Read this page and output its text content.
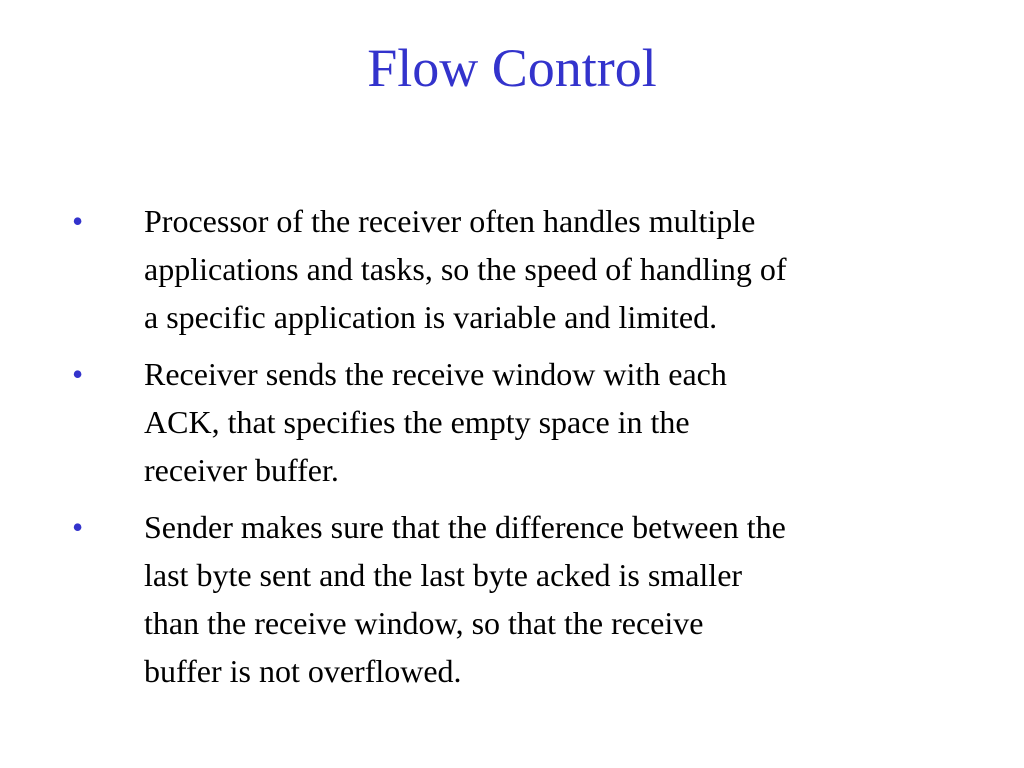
Flow Control
• Processor of the receiver often handles multiple
applications and tasks, so the speed of handling of
a specific application is variable and limited.
• Receiver sends the receive window with each
ACK, that specifies the empty space in the
receiver buffer.
• Sender makes sure that the difference between the
last byte sent and the last byte acked is smaller
than the receive window, so that the receive
buffer is not overflowed.
